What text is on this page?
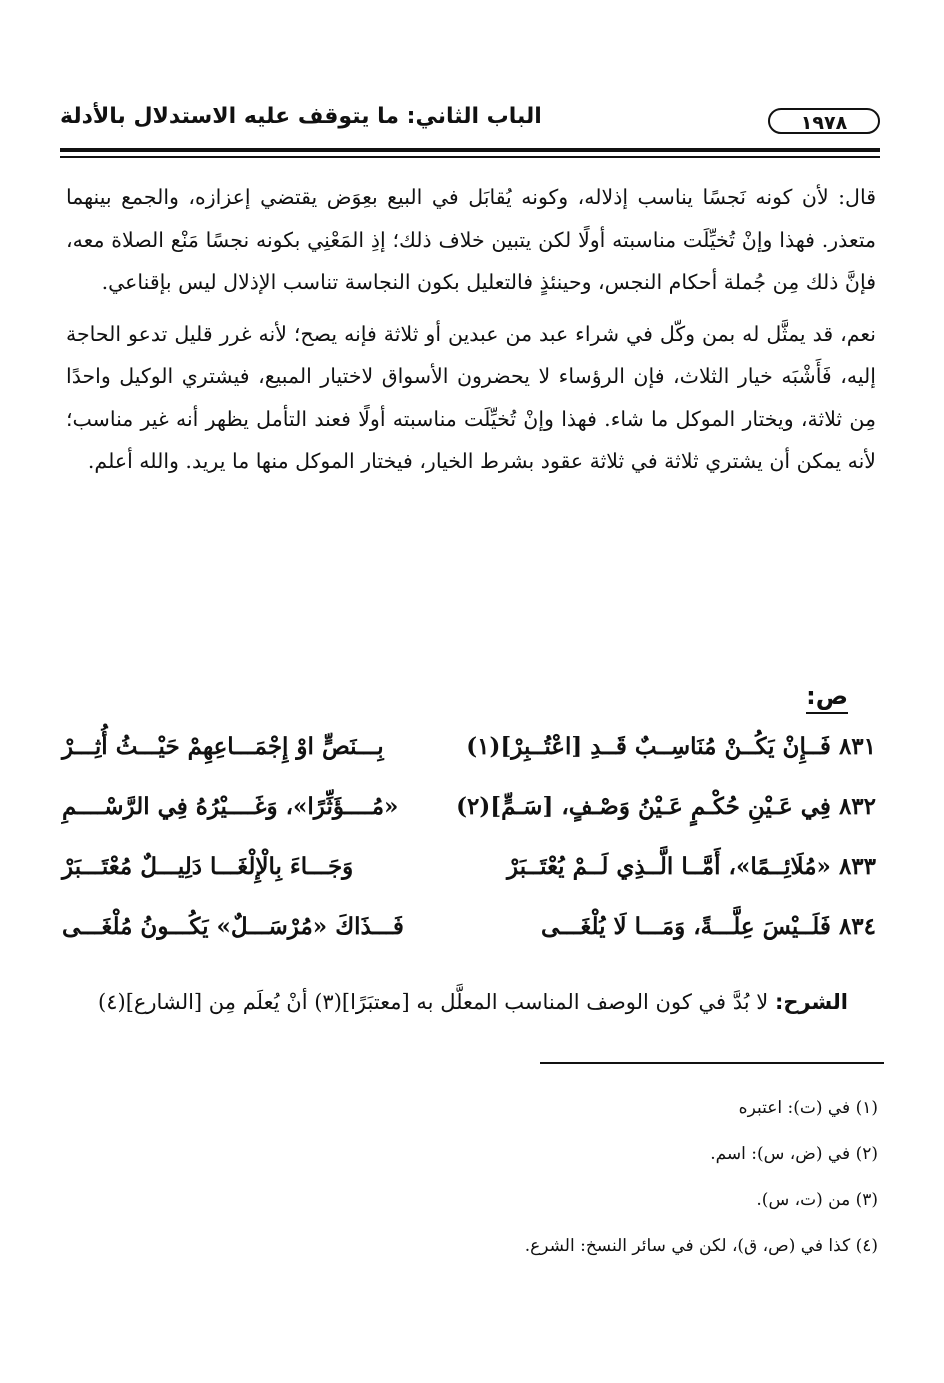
١٩٧٨
الباب الثاني: ما يتوقف عليه الاستدلال بالأدلة

قال: لأن كونه نَجسًا يناسب إذلاله، وكونه يُقابَل في البيع بعِوَض يقتضي إعزازه، والجمع بينهما متعذر. فهذا وإنْ تُخيِّلَت مناسبته أولًا لكن يتبين خلاف ذلك؛ إذِ المَعْنِي بكونه نجسًا مَنْع الصلاة معه، فإنَّ ذلك مِن جُملة أحكام النجس، وحينئذٍ فالتعليل بكون النجاسة تناسب الإذلال ليس بإقناعي.

نعم، قد يمثَّل له بمن وكّل في شراء عبد من عبدين أو ثلاثة فإنه يصح؛ لأنه غرر قليل تدعو الحاجة إليه، فَأَشْبَه خيار الثلاث، فإن الرؤساء لا يحضرون الأسواق لاختيار المبيع، فيشتري الوكيل واحدًا مِن ثلاثة، ويختار الموكل ما شاء. فهذا وإنْ تُخيِّلَت مناسبته أولًا فعند التأمل يظهر أنه غير مناسب؛ لأنه يمكن أن يشتري ثلاثة في ثلاثة عقود بشرط الخيار، فيختار الموكل منها ما يريد. والله أعلم.

ص:
٨٣١ فَــإِنْ يَكُــنْ مُنَاسِــبٌ قَــدِ [اعْتُــبِرْ](١)
بِـــنَصٍّ اوْ إِجْمَـــاعِهِمْ حَيْـــثُ أُثِـــرْ
٨٣٢ فِي عَـيْنِ حُكْـمٍ عَـيْنُ وَصْـفٍ، [سَـمٍّ](٢)
«مُــــؤَثِّرًا»، وَغَــــيْرُهُ فِي الرَّسْــــمِ
٨٣٣ «مُلَائِــمًا»، أَمَّــا الَّــذِي لَــمْ يُعْتَــبَرْ
وَجَـــاءَ بِالْإِلْغَـــا دَلِيـــلٌ مُعْتَـــبَرْ
٨٣٤ فَلَــيْسَ عِلَّـــةً، وَمَـــا لَا يُلْغَـــى
فَـــذَاكَ «مُرْسَـــلٌ» يَكُـــونُ مُلْغَـــى
الشرح: لا بُدَّ في كون الوصف المناسب المعلَّل به [معتبَرًا](٣) أنْ يُعلَم مِن [الشارع](٤)
(١) في (ت): اعتبره
(٢) في (ض، س): اسم.
(٣) من (ت، س).
(٤) كذا في (ص، ق)، لكن في سائر النسخ: الشرع.
